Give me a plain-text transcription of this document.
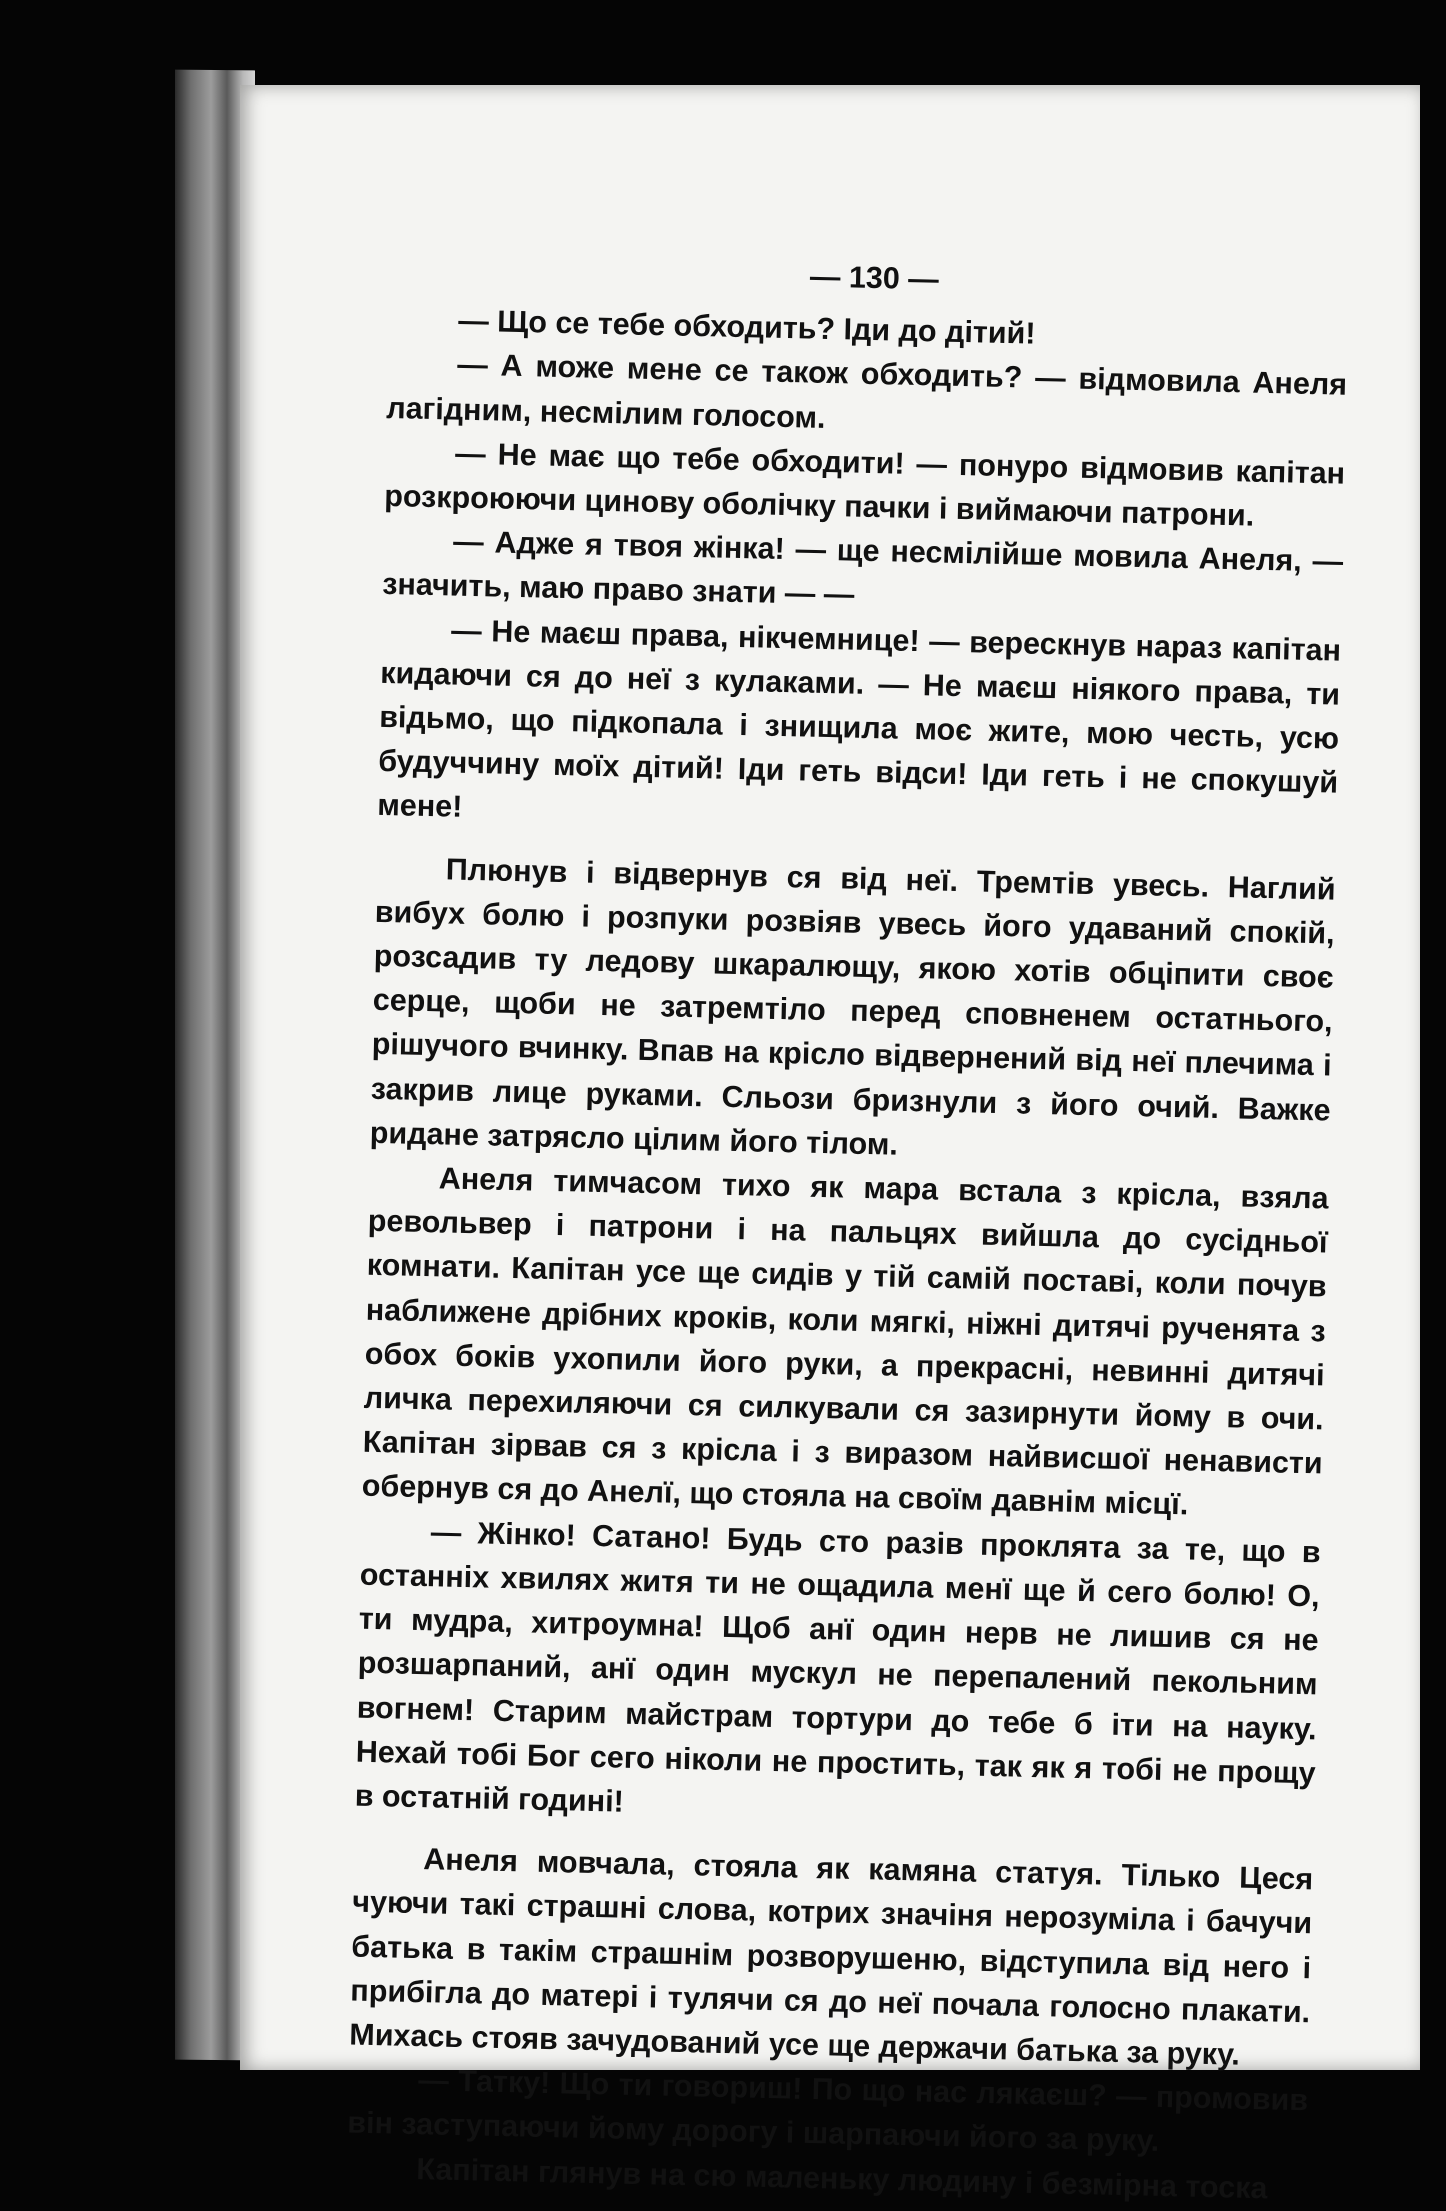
— 130 —

— Що се тебе обходить? Іди до дітий!

— А може мене се також обходить? — відмовила Анеля лагідним, несмілим голосом.

— Не має що тебе обходити! — понуро відмовив капітан розкроюючи цинову оболічку пачки і виймаючи патрони.

— Адже я твоя жінка! — ще несмілійше мовила Анеля, — значить, маю право знати — —

— Не маєш права, нікчемнице! — верескнув нараз капітан кидаючи ся до неї з кулаками. — Не маєш ніякого права, ти відьмо, що підкопала і знищила моє жите, мою честь, усю будуччину моїх дітий! Іди геть відси! Іди геть і не спокушуй мене!

Плюнув і відвернув ся від неї. Тремтів увесь. Наглий вибух болю і розпуки розвіяв увесь його удаваний спокій, розсадив ту ледову шкаралющу, якою хотів обціпити своє серце, щоби не затремтіло перед сповненем остатнього, рішучого вчинку. Впав на крісло відвернений від неї плечима і закрив лице руками. Сльози бризнули з його очий. Важке ридане затрясло цілим його тілом.

Анеля тимчасом тихо як мара встала з крісла, взяла револьвер і патрони і на пальцях вийшла до сусідньої комнати. Капітан усе ще сидів у тій самій поставі, коли почув наближене дрібних кроків, коли мягкі, ніжні дитячі рученята з обох боків ухопили його руки, а прекрасні, невинні дитячі личка перехиляючи ся силкували ся зазирнути йому в очи. Капітан зірвав ся з крісла і з виразом найвисшої ненависти обернув ся до Анелї, що стояла на своїм давнім місцї.

— Жінко! Сатано! Будь сто разів проклята за те, що в останніх хвилях житя ти не ощадила менї ще й сего болю! О, ти мудра, хитроумна! Щоб анї один нерв не лишив ся не розшарпаний, анї один мускул не перепалений пекольним вогнем! Старим майстрам тортури до тебе б іти на науку. Нехай тобі Бог сего ніколи не простить, так як я тобі не прощу в остатній годині!

Анеля мовчала, стояла як камяна статуя. Тілько Цеся чуючи такі страшні слова, котрих значіня нерозуміла і бачучи батька в такім страшнім розворушеню, відступила від него і прибігла до матері і тулячи ся до неї почала голосно плакати. Михась стояв зачудований усе ще держачи батька за руку.

— Татку! Що ти говориш! По що нас лякаєш? — промовив він заступаючи йому дорогу і шарпаючи його за руку.

Капітан глянув на сю маленьку людину і безмірна тоска
